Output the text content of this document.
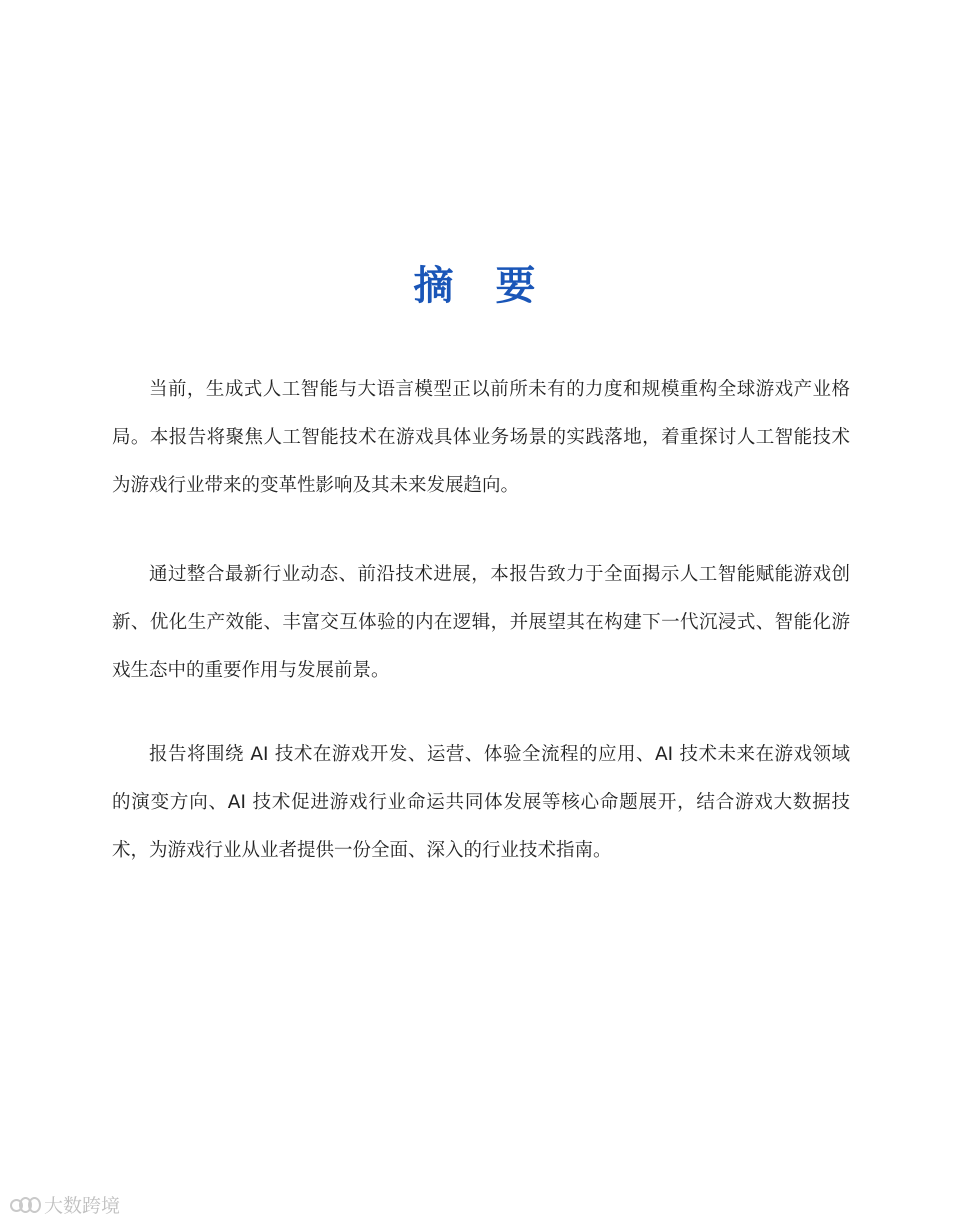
摘 要

当前，生成式人工智能与大语言模型正以前所未有的力度和规模重构全球游戏产业格局。本报告将聚焦人工智能技术在游戏具体业务场景的实践落地，着重探讨人工智能技术为游戏行业带来的变革性影响及其未来发展趋向。

通过整合最新行业动态、前沿技术进展，本报告致力于全面揭示人工智能赋能游戏创新、优化生产效能、丰富交互体验的内在逻辑，并展望其在构建下一代沉浸式、智能化游戏生态中的重要作用与发展前景。

报告将围绕 AI 技术在游戏开发、运营、体验全流程的应用、AI 技术未来在游戏领域的演变方向、AI 技术促进游戏行业命运共同体发展等核心命题展开，结合游戏大数据技术，为游戏行业从业者提供一份全面、深入的行业技术指南。

大数跨境
